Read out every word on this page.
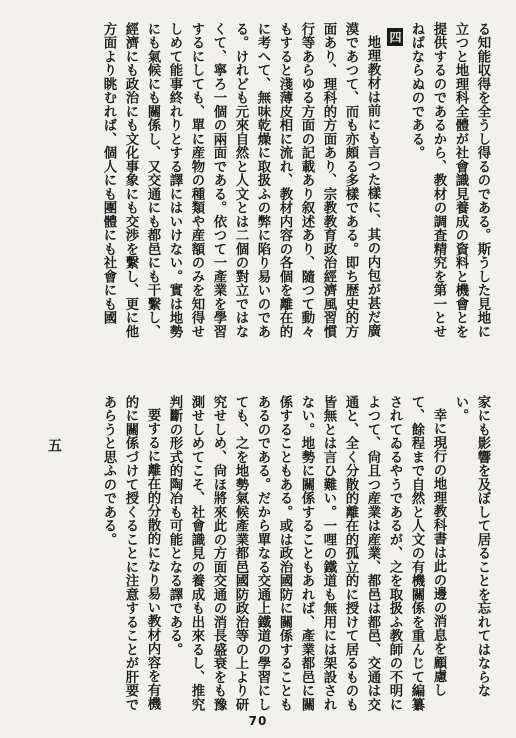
る知能収得を全うし得るのである。斯うした見地に立つと地理科全體が社會識見養成の資料と機會とを提供するのであるから、教材の調査精究を第一とせねばならぬのである。
四
地理教材は前にも言つた樣に、其の内包が甚だ廣漠であつて、而も亦頗る多樣である。即ち歴史的方面あり、理科的方面あり、宗教教育政治經濟風習慣行等あらゆる方面の記載あり叙述あり、隨つて動々もすると淺薄皮相に流れ、教材内容の各個を離在的に考へて、無味乾燥に取扱ふの弊に陷り易いのである。けれども元來自然と人文とは二個の對立ではなくて、寧ろ一個の兩面である。依つて一產業を學習するにしても、單に産物の種類や産額のみを知得せしめて能事終れりとする譯にはいけない。實は地勢にも氣候にも關係し、又交通にも都邑にも干繫し、經濟にも政治にも文化事象にも交渉を繫し、更に他方面より眺むれば、個人にも團體にも社會にも國
家にも影響を及ぼして居ることを忘れてはならない。
幸に現行の地理教科書は此の邊の消息を顧慮して、餘程まで自然と人文の有機關係を重んじて編纂されてゐるやうであるが、之を取扱ふ教師の不明によつて、尙且つ産業は産業、都邑は都邑、交通は交通と、全く分散的離在的孤立的に授けて居るものも皆無とは言ひ難い。一哩の鐵道も無用には架設されない。地勢に關係することもあれば、產業都邑に關係することもある。或は政治國防に關係することもあるのである。だから單なる交通上鐵道の學習にしても、之を地勢氣候產業都邑國防政治等の上より研究せしめ、尙ほ將來此の方面交通の消長盛衰をも豫測せしめてこそ、社會識見の養成も出來るし、推究判斷の形式的陶冶も可能となる譯である。
要するに離在的分散的になり易い教材内容を有機的に關係づけて授くることに注意することが肝要であらうと思ふのである。
五
70
